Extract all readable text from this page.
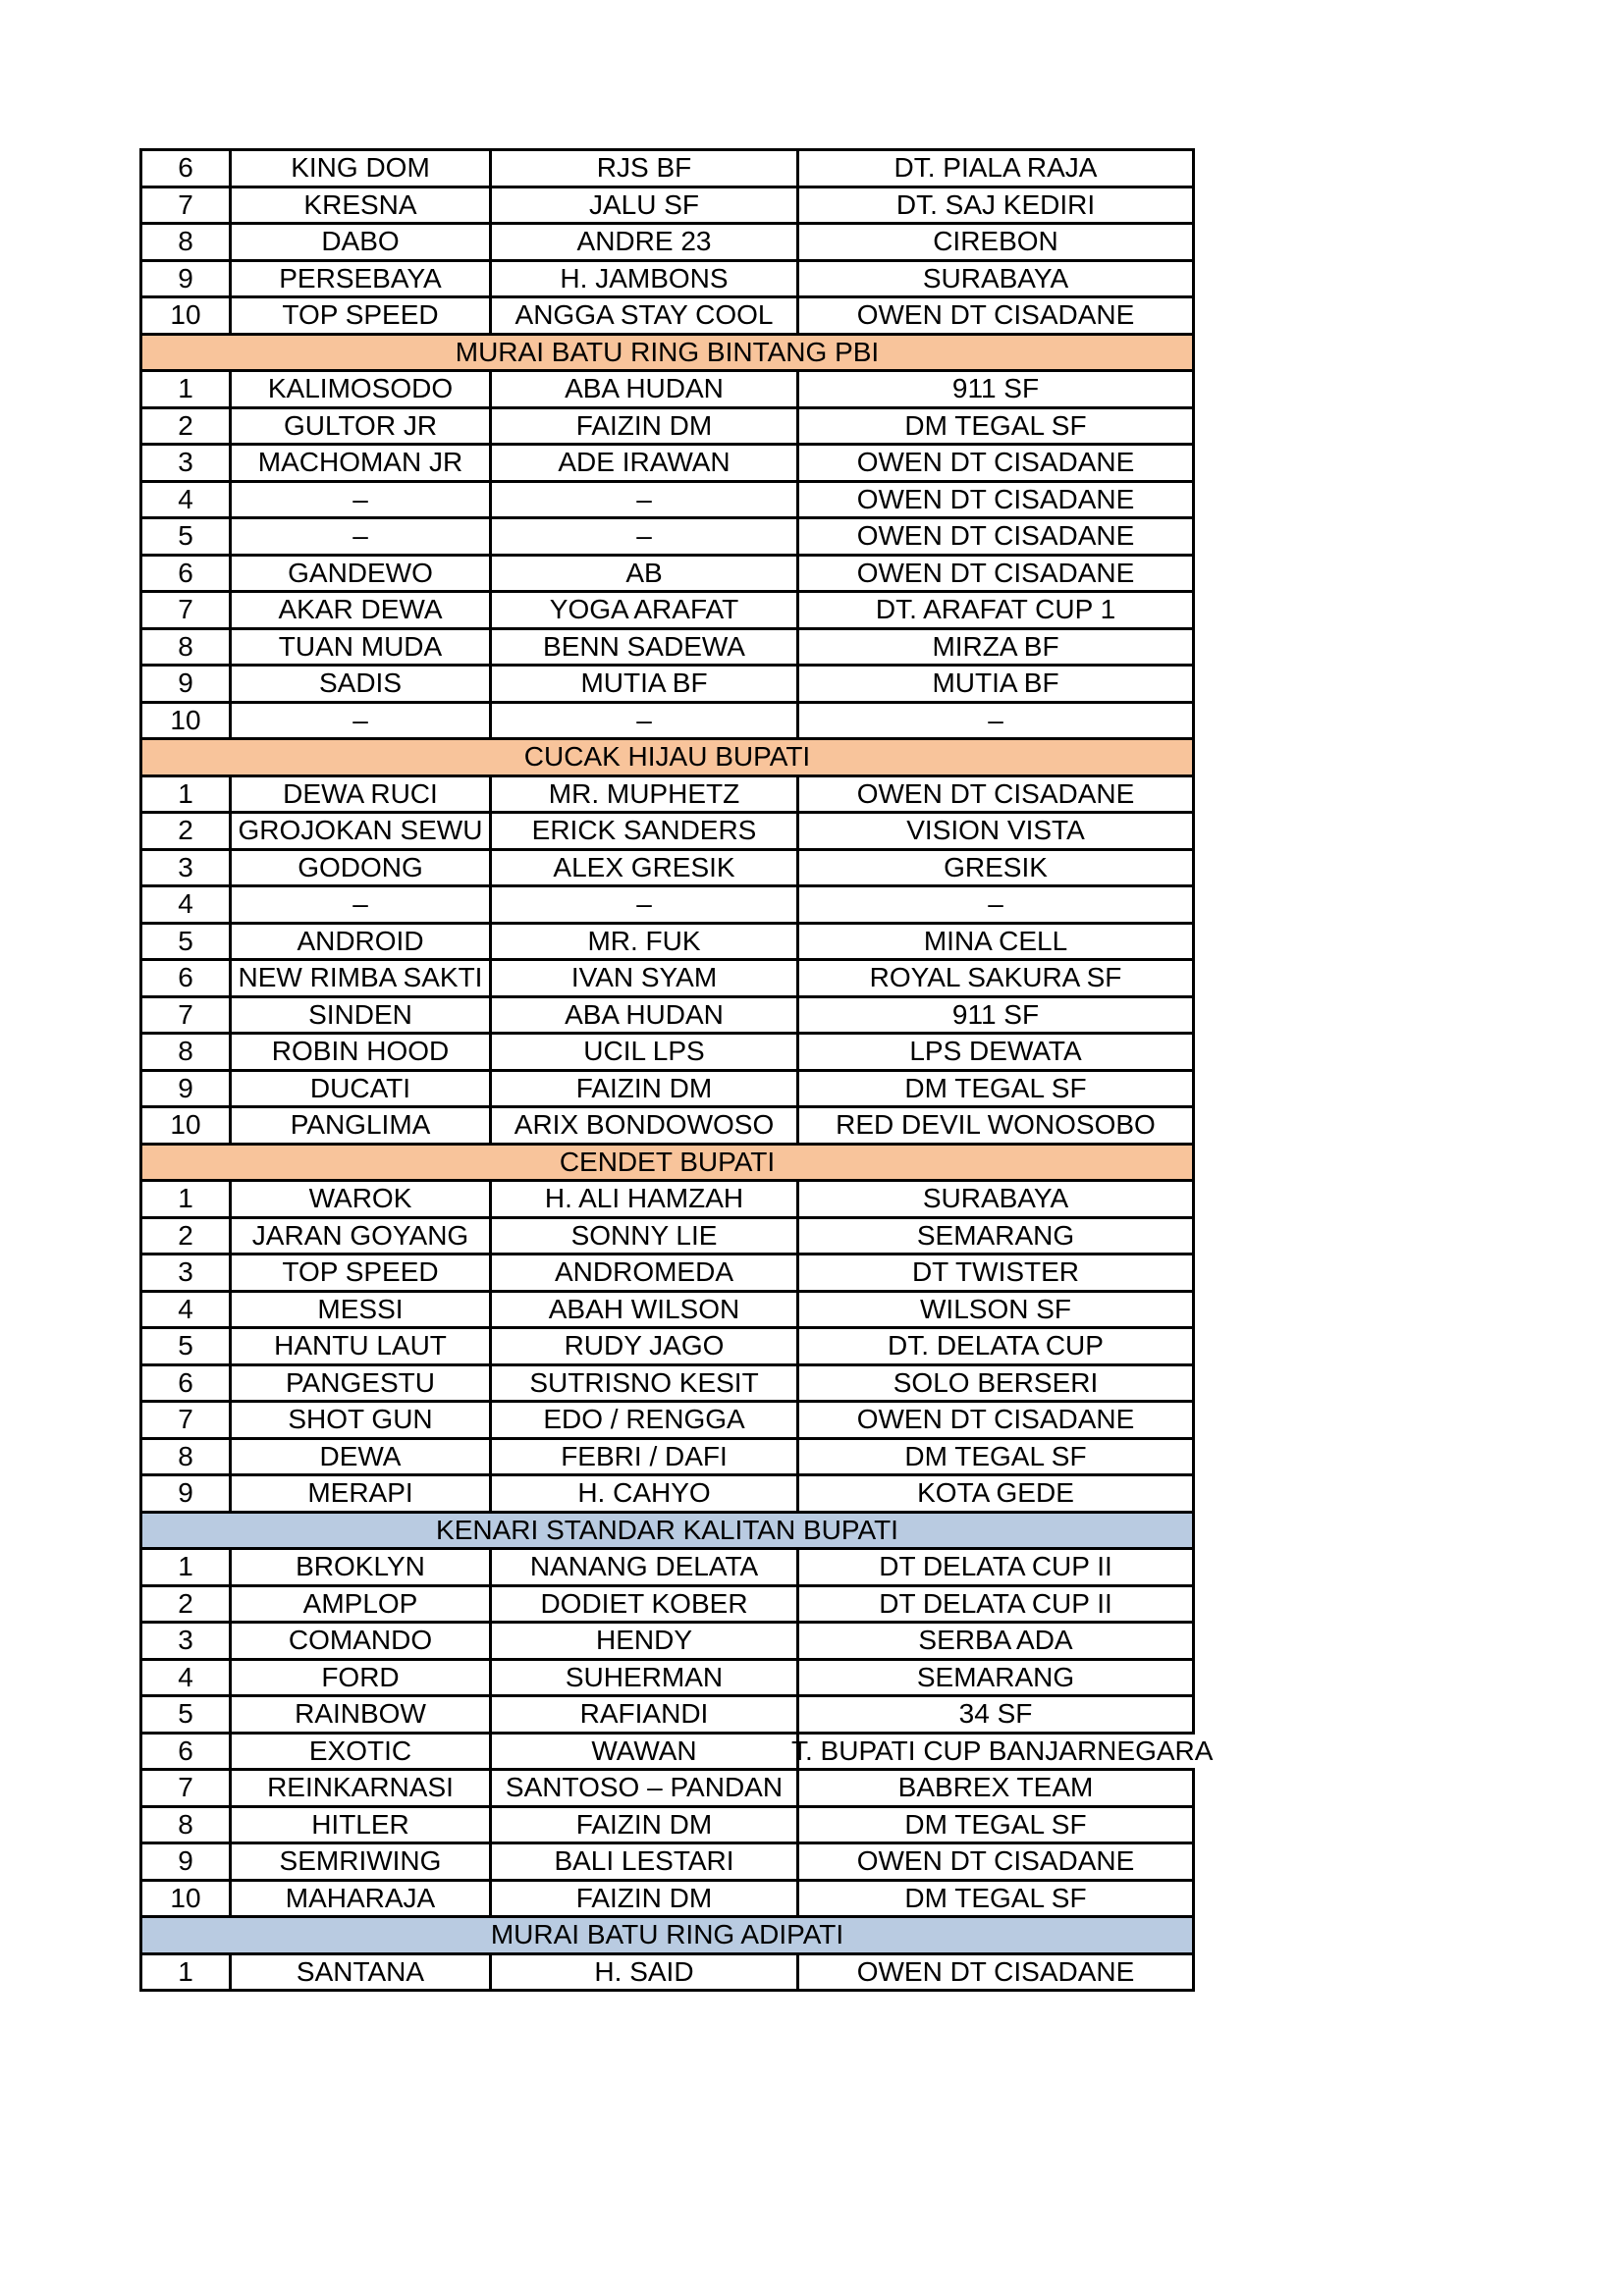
6	KING DOM	RJS BF	DT. PIALA RAJA
7	KRESNA	JALU SF	DT. SAJ KEDIRI
8	DABO	ANDRE 23	CIREBON
9	PERSEBAYA	H. JAMBONS	SURABAYA
10	TOP SPEED	ANGGA STAY COOL	OWEN DT CISADANE
MURAI BATU RING BINTANG PBI			
1	KALIMOSODO	ABA HUDAN	911 SF
2	GULTOR JR	FAIZIN DM	DM TEGAL SF
3	MACHOMAN JR	ADE IRAWAN	OWEN DT CISADANE
4	–	–	OWEN DT CISADANE
5	–	–	OWEN DT CISADANE
6	GANDEWO	AB	OWEN DT CISADANE
7	AKAR DEWA	YOGA ARAFAT	DT. ARAFAT CUP 1
8	TUAN MUDA	BENN SADEWA	MIRZA BF
9	SADIS	MUTIA BF	MUTIA BF
10	–	–	–
CUCAK HIJAU BUPATI			
1	DEWA RUCI	MR. MUPHETZ	OWEN DT CISADANE
2	GROJOKAN SEWU	ERICK SANDERS	VISION VISTA
3	GODONG	ALEX GRESIK	GRESIK
4	–	–	–
5	ANDROID	MR. FUK	MINA CELL
6	NEW RIMBA SAKTI	IVAN SYAM	ROYAL SAKURA SF
7	SINDEN	ABA HUDAN	911 SF
8	ROBIN HOOD	UCIL LPS	LPS DEWATA
9	DUCATI	FAIZIN DM	DM TEGAL SF
10	PANGLIMA	ARIX BONDOWOSO	RED DEVIL WONOSOBO
CENDET BUPATI			
1	WAROK	H. ALI HAMZAH	SURABAYA
2	JARAN GOYANG	SONNY LIE	SEMARANG
3	TOP SPEED	ANDROMEDA	DT TWISTER
4	MESSI	ABAH WILSON	WILSON SF
5	HANTU LAUT	RUDY JAGO	DT. DELATA CUP
6	PANGESTU	SUTRISNO KESIT	SOLO BERSERI
7	SHOT GUN	EDO / RENGGA	OWEN DT CISADANE
8	DEWA	FEBRI / DAFI	DM TEGAL SF
9	MERAPI	H. CAHYO	KOTA GEDE
KENARI STANDAR KALITAN BUPATI			
1	BROKLYN	NANANG DELATA	DT DELATA CUP II
2	AMPLOP	DODIET KOBER	DT DELATA CUP II
3	COMANDO	HENDY	SERBA ADA
4	FORD	SUHERMAN	SEMARANG
5	RAINBOW	RAFIANDI	34 SF
6	EXOTIC	WAWAN	T. BUPATI CUP BANJARNEGARA

7	REINKARNASI	SANTOSO – PANDAN	BABREX TEAM
8	HITLER	FAIZIN DM	DM TEGAL SF
9	SEMRIWING	BALI LESTARI	OWEN DT CISADANE
10	MAHARAJA	FAIZIN DM	DM TEGAL SF
MURAI BATU RING ADIPATI			
1	SANTANA	H. SAID	OWEN DT CISADANE
